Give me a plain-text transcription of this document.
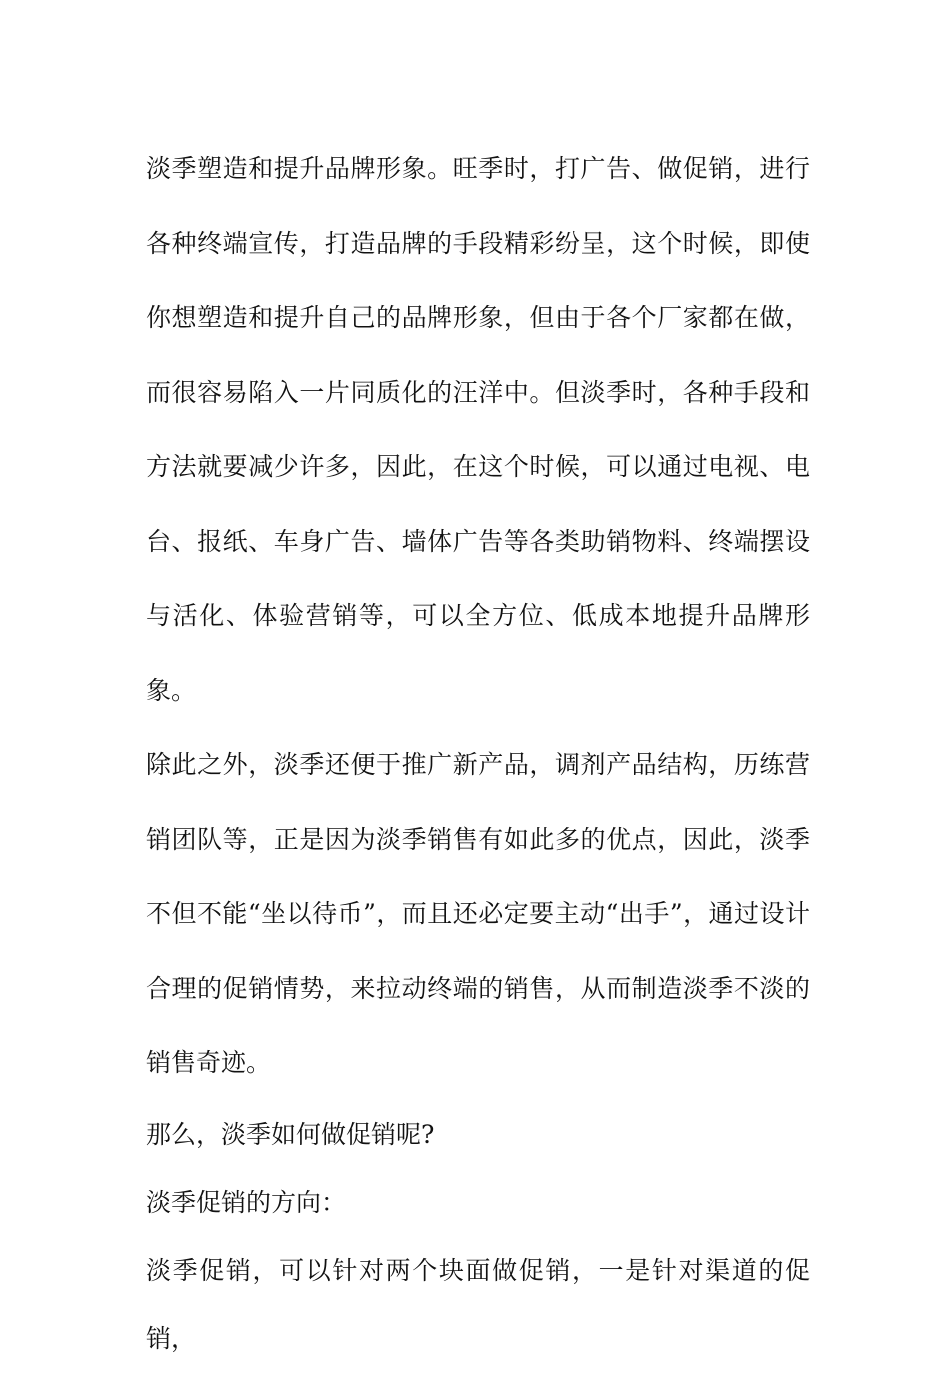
淡季塑造和提升品牌形象。旺季时，打广告、做促销，进行各种终端宣传，打造品牌的手段精彩纷呈，这个时候，即使你想塑造和提升自己的品牌形象，但由于各个厂家都在做，而很容易陷入一片同质化的汪洋中。但淡季时，各种手段和方法就要减少许多，因此，在这个时候，可以通过电视、电台、报纸、车身广告、墙体广告等各类助销物料、终端摆设与活化、体验营销等，可以全方位、低成本地提升品牌形象。

除此之外，淡季还便于推广新产品，调剂产品结构，历练营销团队等，正是因为淡季销售有如此多的优点，因此，淡季不但不能“坐以待币”，而且还必定要主动“出手”，通过设计合理的促销情势，来拉动终端的销售，从而制造淡季不淡的销售奇迹。

那么，淡季如何做促销呢?

淡季促销的方向：

淡季促销，可以针对两个块面做促销，一是针对渠道的促销，
